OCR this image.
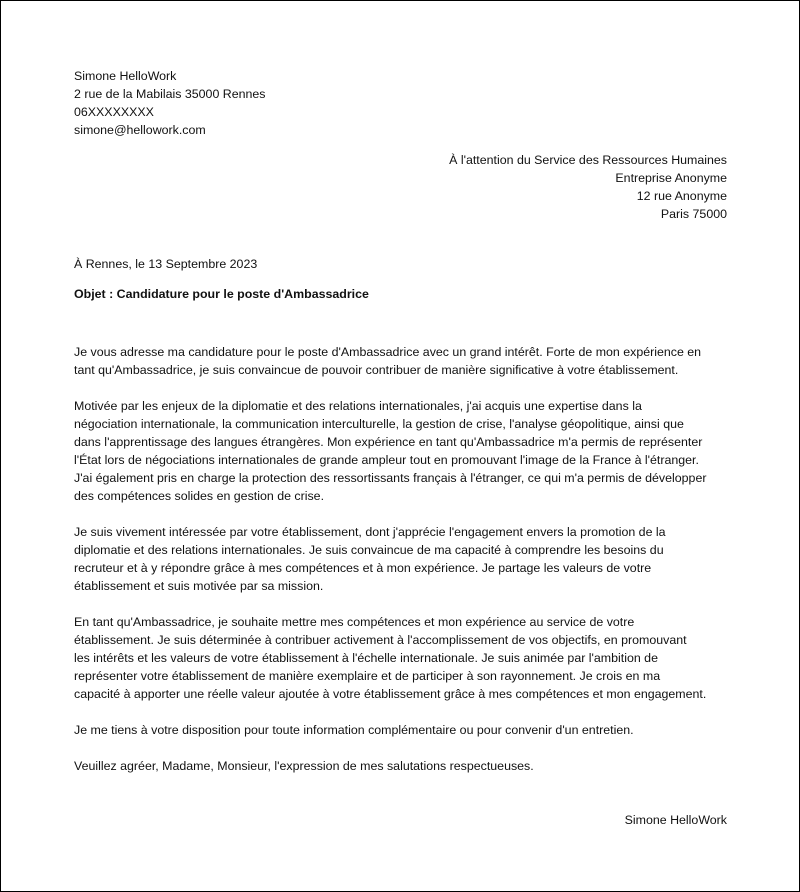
Simone HelloWork
2 rue de la Mabilais 35000 Rennes
06XXXXXXXX
simone@hellowork.com
À l'attention du Service des Ressources Humaines
Entreprise Anonyme
12 rue Anonyme
Paris 75000
À Rennes, le 13 Septembre 2023
Objet : Candidature pour le poste d'Ambassadrice

Je vous adresse ma candidature pour le poste d'Ambassadrice avec un grand intérêt. Forte de mon expérience en
tant qu'Ambassadrice, je suis convaincue de pouvoir contribuer de manière significative à votre établissement.

Motivée par les enjeux de la diplomatie et des relations internationales, j'ai acquis une expertise dans la
négociation internationale, la communication interculturelle, la gestion de crise, l'analyse géopolitique, ainsi que
dans l'apprentissage des langues étrangères. Mon expérience en tant qu'Ambassadrice m'a permis de représenter
l'État lors de négociations internationales de grande ampleur tout en promouvant l'image de la France à l'étranger.
J'ai également pris en charge la protection des ressortissants français à l'étranger, ce qui m'a permis de développer
des compétences solides en gestion de crise.

Je suis vivement intéressée par votre établissement, dont j'apprécie l'engagement envers la promotion de la
diplomatie et des relations internationales. Je suis convaincue de ma capacité à comprendre les besoins du
recruteur et à y répondre grâce à mes compétences et à mon expérience. Je partage les valeurs de votre
établissement et suis motivée par sa mission.

En tant qu'Ambassadrice, je souhaite mettre mes compétences et mon expérience au service de votre
établissement. Je suis déterminée à contribuer activement à l'accomplissement de vos objectifs, en promouvant
les intérêts et les valeurs de votre établissement à l'échelle internationale. Je suis animée par l'ambition de
représenter votre établissement de manière exemplaire et de participer à son rayonnement. Je crois en ma
capacité à apporter une réelle valeur ajoutée à votre établissement grâce à mes compétences et mon engagement.

Je me tiens à votre disposition pour toute information complémentaire ou pour convenir d'un entretien.

Veuillez agréer, Madame, Monsieur, l'expression de mes salutations respectueuses.

Simone HelloWork
